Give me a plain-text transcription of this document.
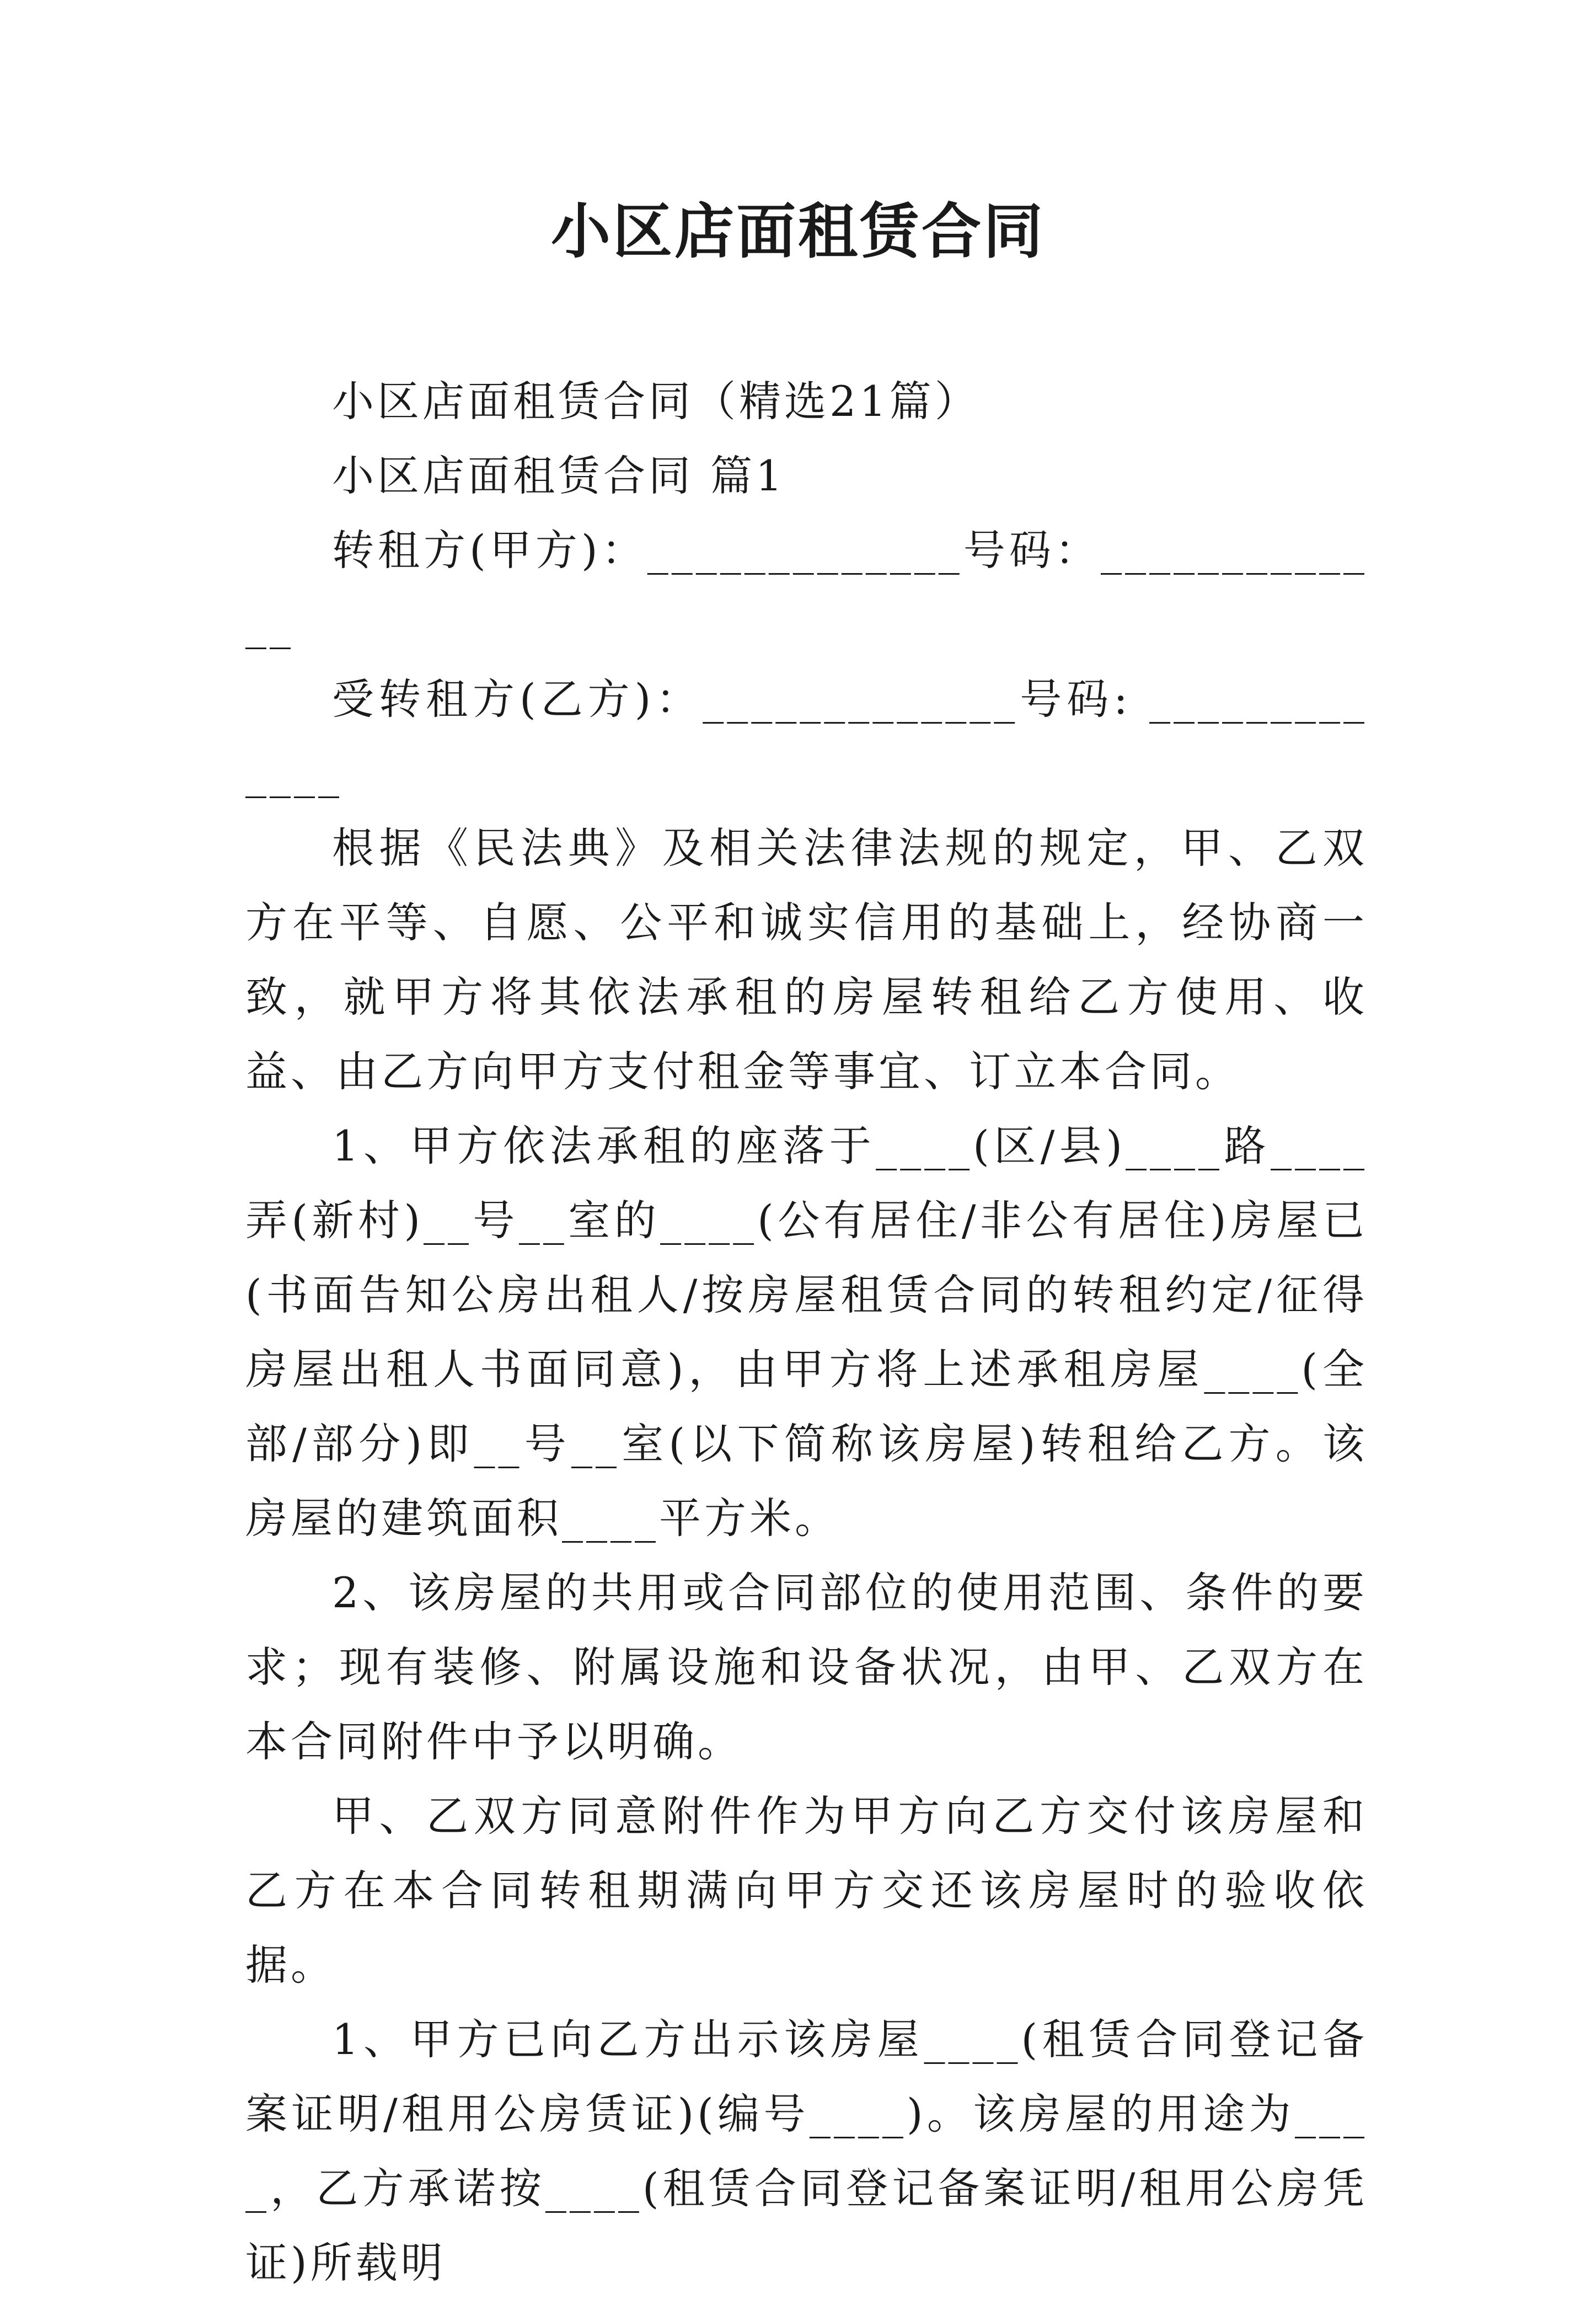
小区店面租赁合同

小区店面租赁合同（精选21篇）

小区店面租赁合同 篇1

转租方(甲方)：_____________号码：_____________

受转租方(乙方)：_____________号码: _____________

根据《民法典》及相关法律法规的规定，甲、乙双方在平等、自愿、公平和诚实信用的基础上，经协商一致，就甲方将其依法承租的房屋转租给乙方使用、收益、由乙方向甲方支付租金等事宜、订立本合同。

1、甲方依法承租的座落于____(区/县)____路____弄(新村)__号__室的____(公有居住/非公有居住)房屋已(书面告知公房出租人/按房屋租赁合同的转租约定/征得房屋出租人书面同意)，由甲方将上述承租房屋____(全部/部分)即__号__室(以下简称该房屋)转租给乙方。该房屋的建筑面积____平方米。

2、该房屋的共用或合同部位的使用范围、条件的要求；现有装修、附属设施和设备状况，由甲、乙双方在本合同附件中予以明确。

甲、乙双方同意附件作为甲方向乙方交付该房屋和乙方在本合同转租期满向甲方交还该房屋时的验收依据。

1、甲方已向乙方出示该房屋____(租赁合同登记备案证明/租用公房赁证)(编号____)。该房屋的用途为____，乙方承诺按____(租赁合同登记备案证明/租用公房凭证)所载明
